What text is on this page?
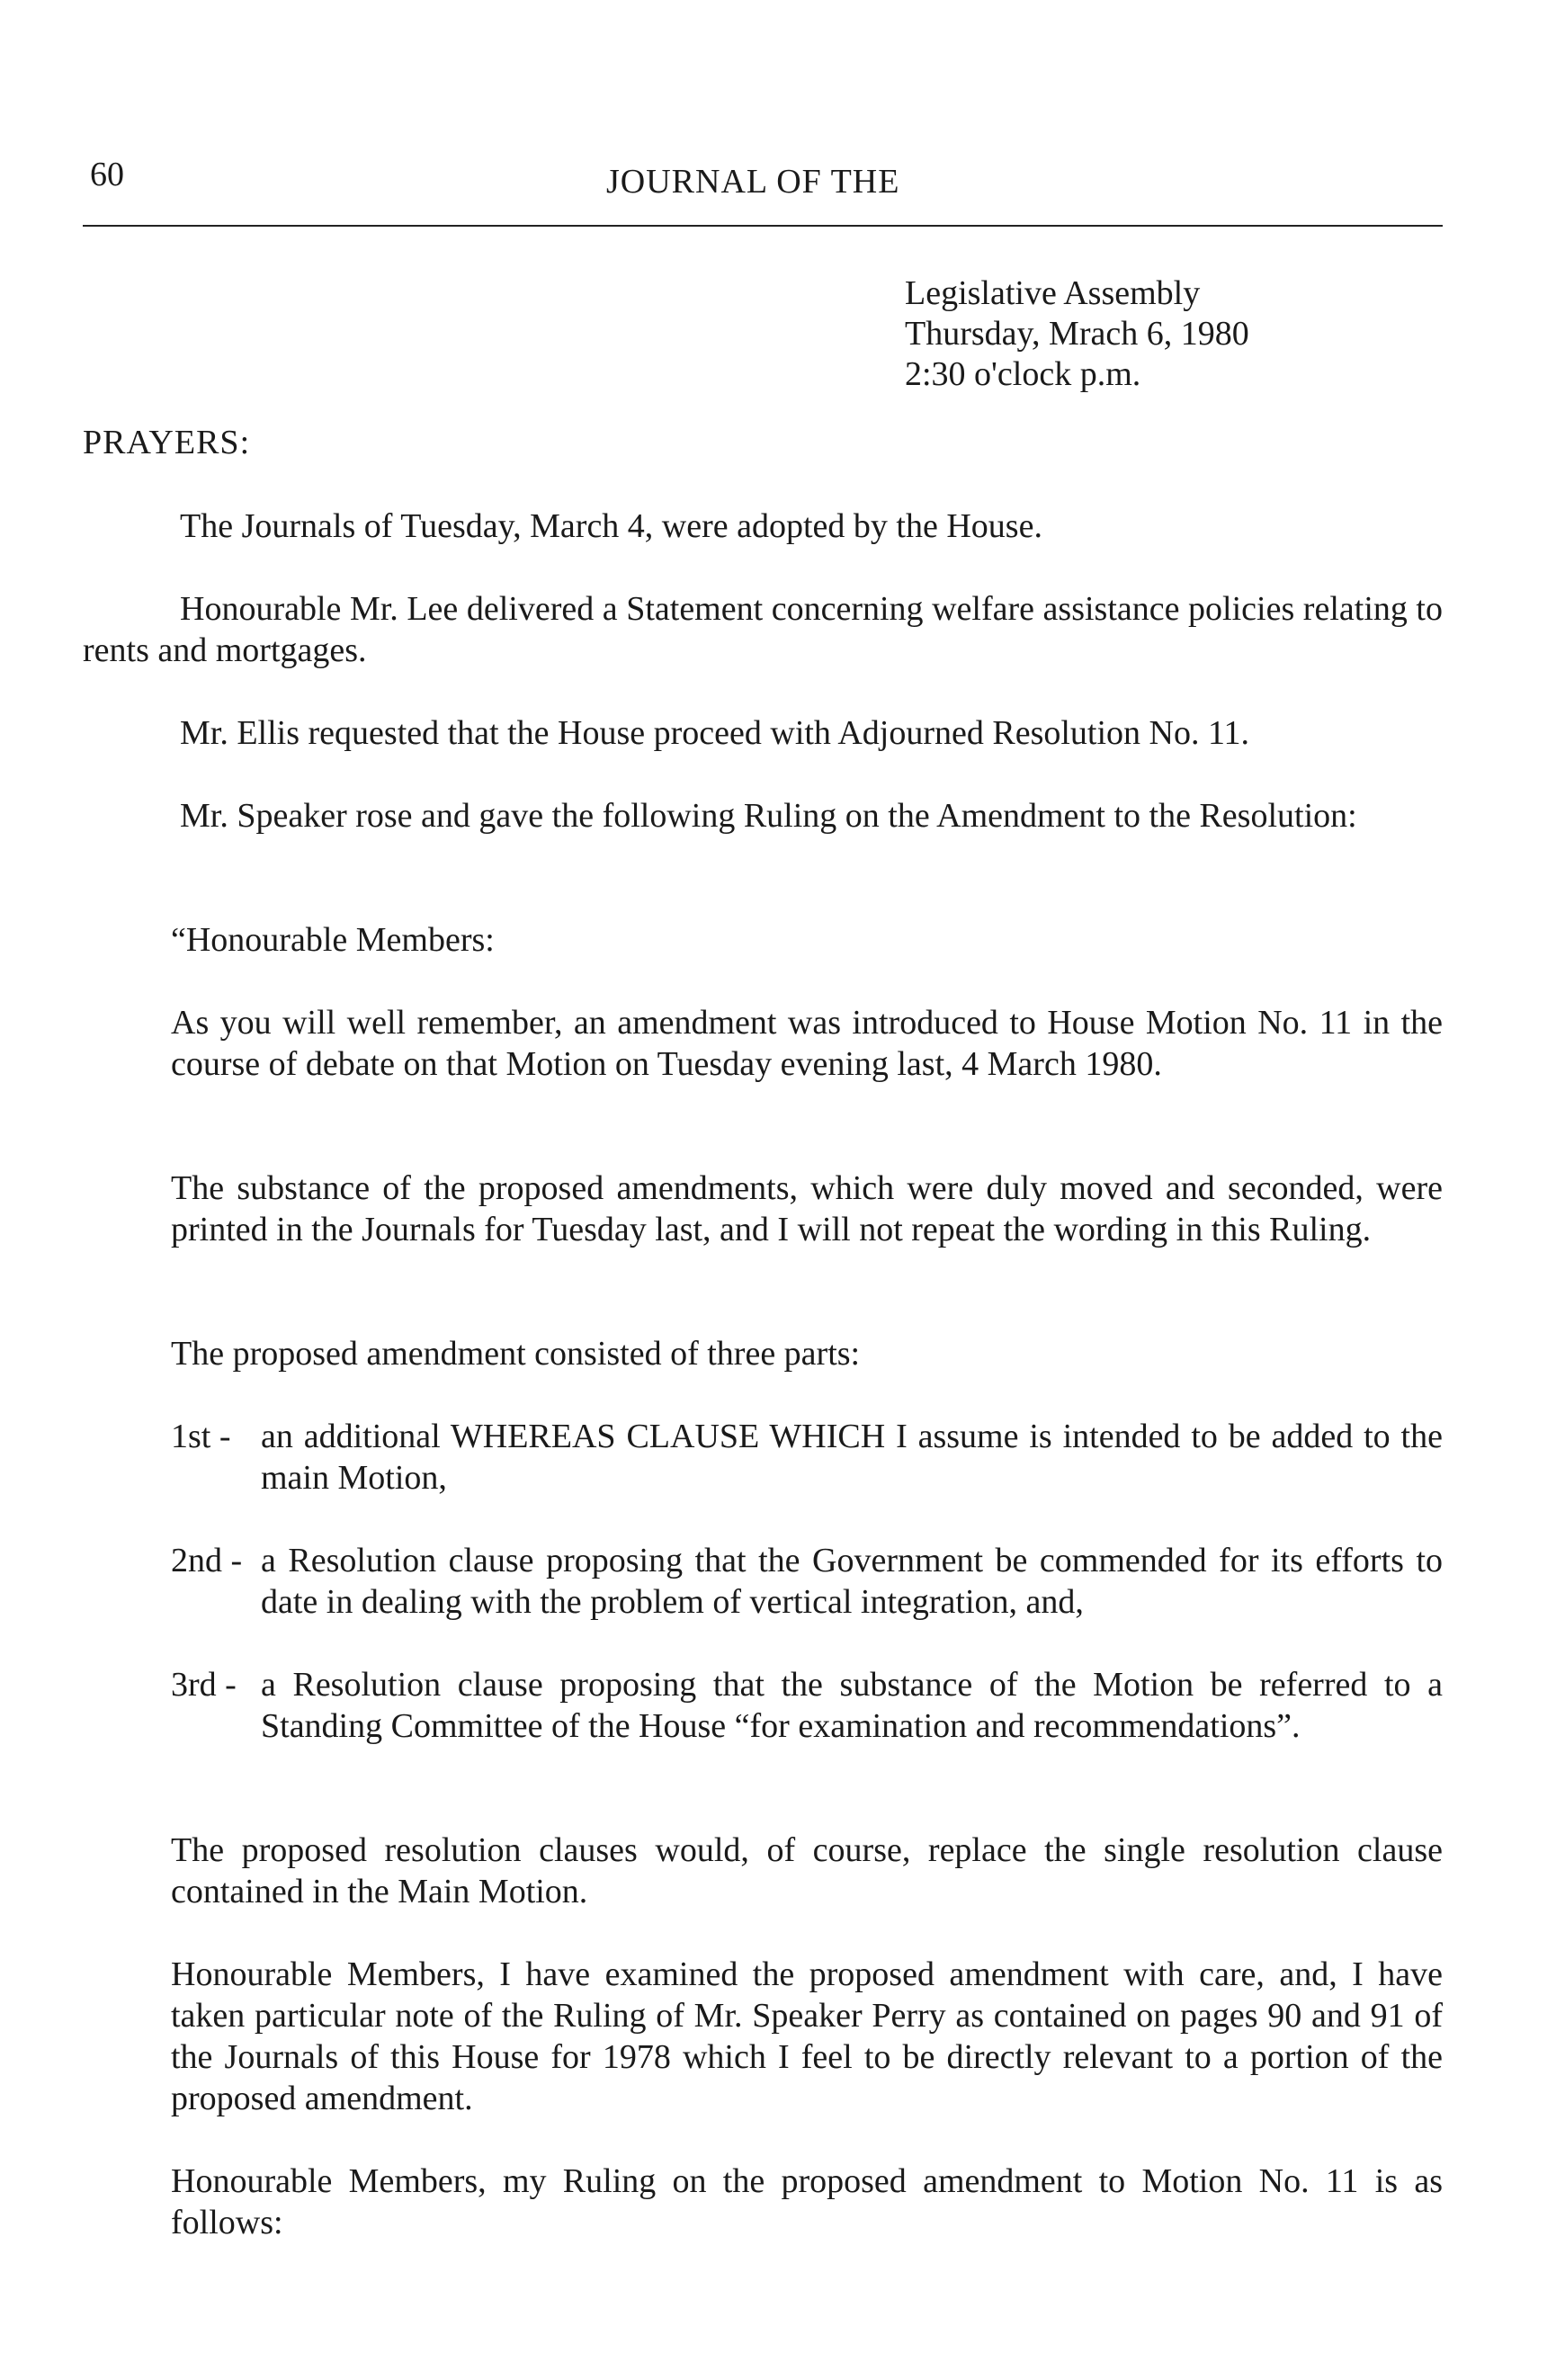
60	JOURNAL OF THE
Legislative Assembly
Thursday, Mrach 6, 1980
2:30 o'clock p.m.
PRAYERS:
The Journals of Tuesday, March 4, were adopted by the House.
Honourable Mr. Lee delivered a Statement concerning welfare assistance policies relating to rents and mortgages.
Mr. Ellis requested that the House proceed with Adjourned Resolution No. 11.
Mr. Speaker rose and gave the following Ruling on the Amendment to the Resolution:
“Honourable Members:
As you will well remember, an amendment was introduced to House Motion No. 11 in the course of debate on that Motion on Tuesday evening last, 4 March 1980.
The substance of the proposed amendments, which were duly moved and seconded, were printed in the Journals for Tuesday last, and I will not repeat the wording in this Ruling.
The proposed amendment consisted of three parts:
1st - an additional WHEREAS CLAUSE WHICH I assume is intended to be added to the main Motion,
2nd - a Resolution clause proposing that the Government be commended for its efforts to date in dealing with the problem of vertical integration, and,
3rd - a Resolution clause proposing that the substance of the Motion be referred to a Standing Committee of the House “for examination and recommendations”.
The proposed resolution clauses would, of course, replace the single resolution clause contained in the Main Motion.
Honourable Members, I have examined the proposed amendment with care, and, I have taken particular note of the Ruling of Mr. Speaker Perry as contained on pages 90 and 91 of the Journals of this House for 1978 which I feel to be directly relevant to a portion of the proposed amendment.
Honourable Members, my Ruling on the proposed amendment to Motion No. 11 is as follows:
